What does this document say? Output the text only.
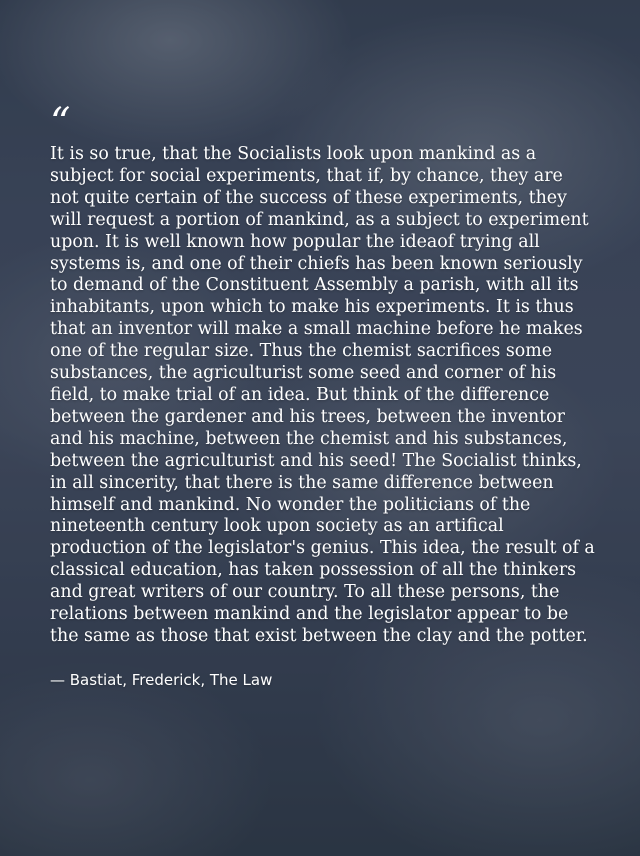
“

It is so true, that the Socialists look upon mankind as a subject for social experiments, that if, by chance, they are not quite certain of the success of these experiments, they will request a portion of mankind, as a subject to experiment upon. It is well known how popular the ideaof trying all systems is, and one of their chiefs has been known seriously to demand of the Constituent Assembly a parish, with all its inhabitants, upon which to make his experiments. It is thus that an inventor will make a small machine before he makes one of the regular size. Thus the chemist sacrifices some substances, the agriculturist some seed and corner of his field, to make trial of an idea. But think of the difference between the gardener and his trees, between the inventor and his machine, between the chemist and his substances, between the agriculturist and his seed! The Socialist thinks, in all sincerity, that there is the same difference between himself and mankind. No wonder the politicians of the nineteenth century look upon society as an artifical production of the legislator's genius. This idea, the result of a classical education, has taken possession of all the thinkers and great writers of our country. To all these persons, the relations between mankind and the legislator appear to be the same as those that exist between the clay and the potter.

— Bastiat, Frederick, The Law
